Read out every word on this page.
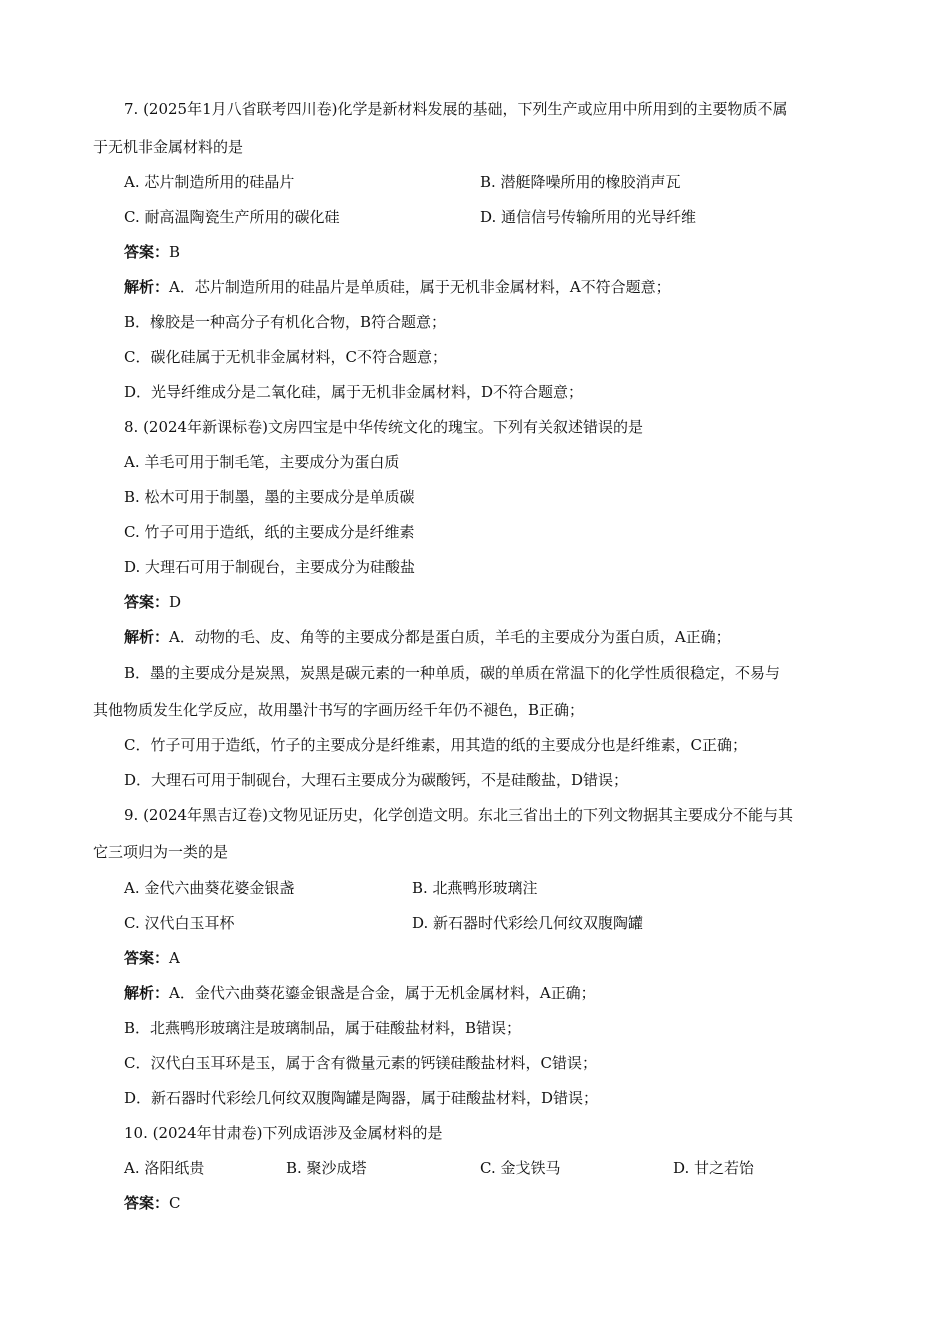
7. (2025年1月八省联考四川卷)化学是新材料发展的基础，下列生产或应用中所用到的主要物质不属
于无机非金属材料的是
A. 芯片制造所用的硅晶片	B. 潜艇降噪所用的橡胶消声瓦
C. 耐高温陶瓷生产所用的碳化硅	D. 通信信号传输所用的光导纤维
答案：B
解析：A．芯片制造所用的硅晶片是单质硅，属于无机非金属材料，A不符合题意；
B．橡胶是一种高分子有机化合物，B符合题意；
C．碳化硅属于无机非金属材料，C不符合题意；
D．光导纤维成分是二氧化硅，属于无机非金属材料，D不符合题意；
8. (2024年新课标卷)文房四宝是中华传统文化的瑰宝。下列有关叙述错误的是
A. 羊毛可用于制毛笔，主要成分为蛋白质
B. 松木可用于制墨，墨的主要成分是单质碳
C. 竹子可用于造纸，纸的主要成分是纤维素
D. 大理石可用于制砚台，主要成分为硅酸盐
答案：D
解析：A．动物的毛、皮、角等的主要成分都是蛋白质，羊毛的主要成分为蛋白质，A正确；
B．墨的主要成分是炭黑，炭黑是碳元素的一种单质，碳的单质在常温下的化学性质很稳定，不易与
其他物质发生化学反应，故用墨汁书写的字画历经千年仍不褪色，B正确；
C．竹子可用于造纸，竹子的主要成分是纤维素，用其造的纸的主要成分也是纤维素，C正确；
D．大理石可用于制砚台，大理石主要成分为碳酸钙，不是硅酸盐，D错误；
9. (2024年黑吉辽卷)文物见证历史，化学创造文明。东北三省出土的下列文物据其主要成分不能与其
它三项归为一类的是
A. 金代六曲葵花婆金银盏	B. 北燕鸭形玻璃注
C. 汉代白玉耳杯	D. 新石器时代彩绘几何纹双腹陶罐
答案：A
解析：A．金代六曲葵花鎏金银盏是合金，属于无机金属材料，A正确；
B．北燕鸭形玻璃注是玻璃制品，属于硅酸盐材料，B错误；
C．汉代白玉耳环是玉，属于含有微量元素的钙镁硅酸盐材料，C错误；
D．新石器时代彩绘几何纹双腹陶罐是陶器，属于硅酸盐材料，D错误；
10. (2024年甘肃卷)下列成语涉及金属材料的是
A. 洛阳纸贵	B. 聚沙成塔	C. 金戈铁马	D. 甘之若饴
答案：C
